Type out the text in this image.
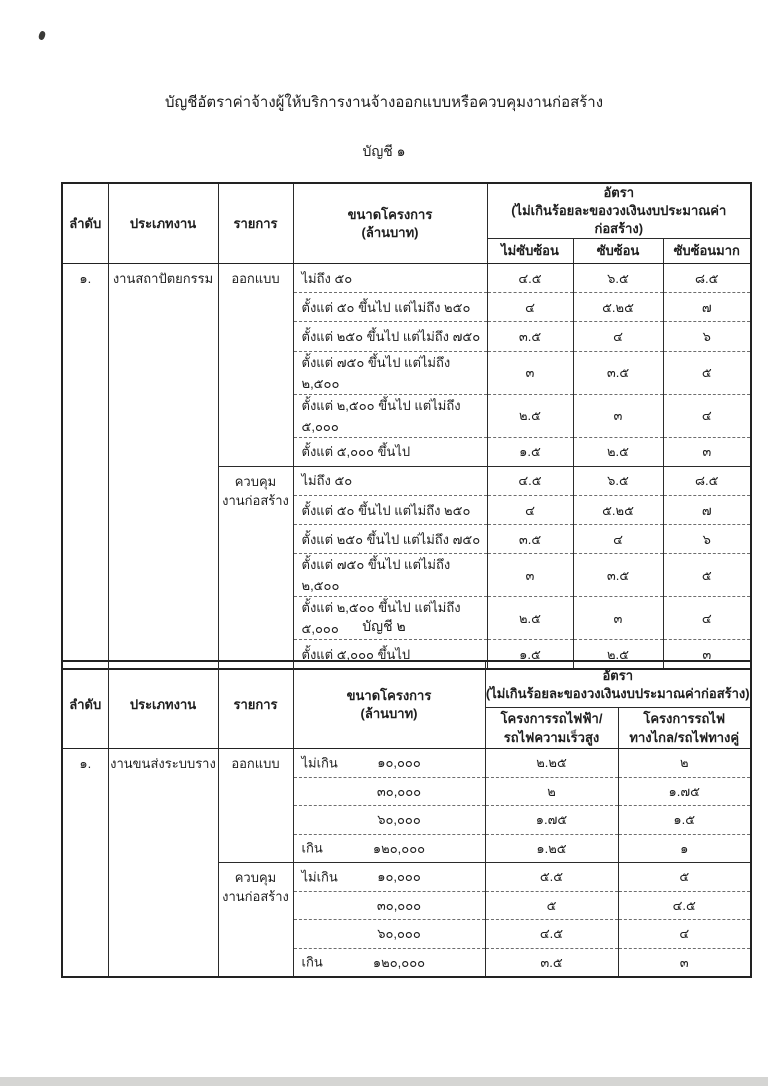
บัญชีอัตราค่าจ้างผู้ให้บริการงานจ้างออกแบบหรือควบคุมงานก่อสร้าง
บัญชี ๑
ลำดับ	ประเภทงาน	รายการ	ขนาดโครงการ
(ล้านบาท)	อัตรา
(ไม่เกินร้อยละของวงเงินงบประมาณค่าก่อสร้าง)		
				ไม่ซับซ้อน	ซับซ้อน	ซับซ้อนมาก
๑.	งานสถาปัตยกรรม	ออกแบบ	ไม่ถึง ๕๐	๔.๕	๖.๕	๘.๕
			ตั้งแต่ ๕๐ ขึ้นไป แต่ไม่ถึง ๒๕๐	๔	๕.๒๕	๗
			ตั้งแต่ ๒๕๐ ขึ้นไป แต่ไม่ถึง ๗๕๐	๓.๕	๔	๖
			ตั้งแต่ ๗๕๐ ขึ้นไป แต่ไม่ถึง ๒,๕๐๐	๓	๓.๕	๕
			ตั้งแต่ ๒,๕๐๐ ขึ้นไป แต่ไม่ถึง ๕,๐๐๐	๒.๕	๓	๔
			ตั้งแต่ ๕,๐๐๐ ขึ้นไป	๑.๕	๒.๕	๓
		ควบคุม
งานก่อสร้าง	ไม่ถึง ๕๐	๔.๕	๖.๕	๘.๕
			ตั้งแต่ ๕๐ ขึ้นไป แต่ไม่ถึง ๒๕๐	๔	๕.๒๕	๗
			ตั้งแต่ ๒๕๐ ขึ้นไป แต่ไม่ถึง ๗๕๐	๓.๕	๔	๖
			ตั้งแต่ ๗๕๐ ขึ้นไป แต่ไม่ถึง ๒,๕๐๐	๓	๓.๕	๕
			ตั้งแต่ ๒,๕๐๐ ขึ้นไป แต่ไม่ถึง ๕,๐๐๐	๒.๕	๓	๔
			ตั้งแต่ ๕,๐๐๐ ขึ้นไป	๑.๕	๒.๕	๓
บัญชี ๒
ลำดับ	ประเภทงาน	รายการ	ขนาดโครงการ
(ล้านบาท)	อัตรา
(ไม่เกินร้อยละของวงเงินงบประมาณค่าก่อสร้าง)	
				โครงการรถไฟฟ้า/
รถไฟความเร็วสูง	โครงการรถไฟ
ทางไกล/รถไฟทางคู่
๑.	งานขนส่งระบบราง	ออกแบบ	ไม่เกิน ๑๐,๐๐๐	๒.๒๕	๒

			๓๐,๐๐๐	๒	๑.๗๕

			๖๐,๐๐๐	๑.๗๕	๑.๕

			เกิน ๑๒๐,๐๐๐	๑.๒๕	๑
		ควบคุม
งานก่อสร้าง	ไม่เกิน ๑๐,๐๐๐	๕.๕	๕

			๓๐,๐๐๐	๕	๔.๕

			๖๐,๐๐๐	๔.๕	๔

			เกิน ๑๒๐,๐๐๐	๓.๕	๓
